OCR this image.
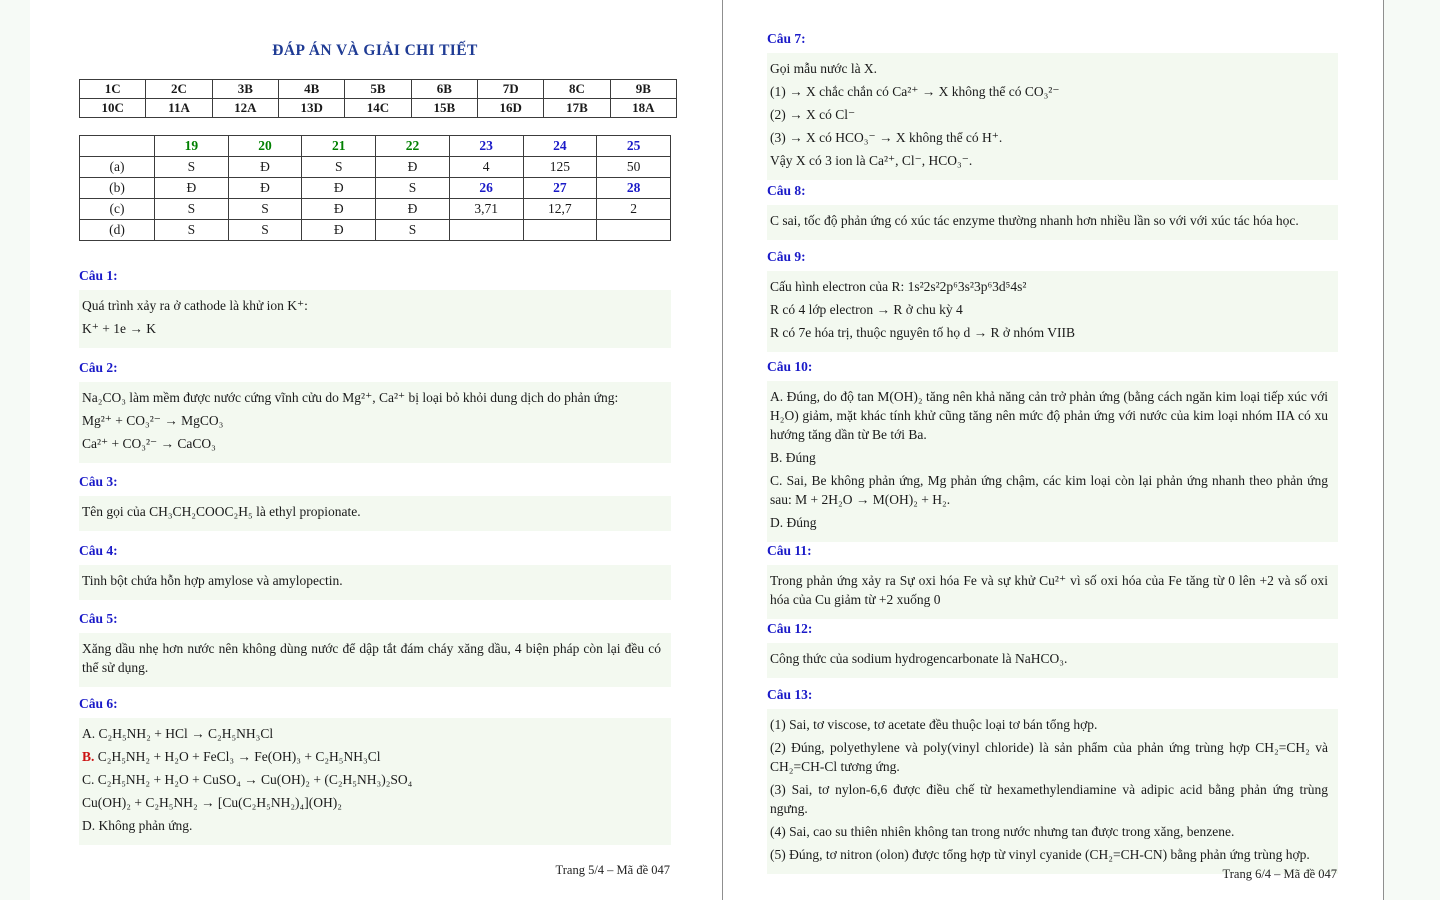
ĐÁP ÁN VÀ GIẢI CHI TIẾT
1C	2C	3B	4B	5B	6B	7D	8C	9B
10C	11A	12A	13D	14C	15B	16D	17B	18A
	19	20	21	22	23	24	25
(a)	S	Đ	S	Đ	4	125	50
(b)	Đ	Đ	Đ	S	26	27	28
(c)	S	S	Đ	Đ	3,71	12,7	2
(d)	S	S	Đ	S			
Câu 1:

Quá trình xảy ra ở cathode là khử ion K⁺:

K⁺ + 1e → K

Câu 2:

Na₂CO₃ làm mềm được nước cứng vĩnh cửu do Mg²⁺, Ca²⁺ bị loại bỏ khỏi dung dịch do phản ứng:

Mg²⁺ + CO₃²⁻ → MgCO₃

Ca²⁺ + CO₃²⁻ → CaCO₃

Câu 3:

Tên gọi của CH₃CH₂COOC₂H₅ là ethyl propionate.

Câu 4:

Tinh bột chứa hỗn hợp amylose và amylopectin.

Câu 5:

Xăng dầu nhẹ hơn nước nên không dùng nước để dập tắt đám cháy xăng dầu, 4 biện pháp còn lại đều có thể sử dụng.

Câu 6:

A. C₂H₅NH₂ + HCl → C₂H₅NH₃Cl

B. C₂H₅NH₂ + H₂O + FeCl₃ → Fe(OH)₃ + C₂H₅NH₃Cl

C. C₂H₅NH₂ + H₂O + CuSO₄ → Cu(OH)₂ + (C₂H₅NH₃)₂SO₄

Cu(OH)₂ + C₂H₅NH₂ → [Cu(C₂H₅NH₂)₄](OH)₂

D. Không phản ứng.

Trang 5/4 – Mã đề 047
Câu 7:

Gọi mẫu nước là X.

(1) → X chắc chắn có Ca²⁺ → X không thể có CO₃²⁻

(2) → X có Cl⁻

(3) → X có HCO₃⁻ → X không thể có H⁺.

Vậy X có 3 ion là Ca²⁺, Cl⁻, HCO₃⁻.

Câu 8:

C sai, tốc độ phản ứng có xúc tác enzyme thường nhanh hơn nhiều lần so với với xúc tác hóa học.

Câu 9:

Cấu hình electron của R: 1s²2s²2p⁶3s²3p⁶3d⁵4s²

R có 4 lớp electron → R ở chu kỳ 4

R có 7e hóa trị, thuộc nguyên tố họ d → R ở nhóm VIIB

Câu 10:

A. Đúng, do độ tan M(OH)₂ tăng nên khả năng cản trở phản ứng (bằng cách ngăn kim loại tiếp xúc với H₂O) giảm, mặt khác tính khử cũng tăng nên mức độ phản ứng với nước của kim loại nhóm IIA có xu hướng tăng dần từ Be tới Ba.

B. Đúng

C. Sai, Be không phản ứng, Mg phản ứng chậm, các kim loại còn lại phản ứng nhanh theo phản ứng sau: M + 2H₂O → M(OH)₂ + H₂.

D. Đúng

Câu 11:

Trong phản ứng xảy ra Sự oxi hóa Fe và sự khử Cu²⁺ vì số oxi hóa của Fe tăng từ 0 lên +2 và số oxi hóa của Cu giảm từ +2 xuống 0

Câu 12:

Công thức của sodium hydrogencarbonate là NaHCO₃.

Câu 13:

(1) Sai, tơ viscose, tơ acetate đều thuộc loại tơ bán tổng hợp.

(2) Đúng, polyethylene và poly(vinyl chloride) là sản phẩm của phản ứng trùng hợp CH₂=CH₂ và CH₂=CH-Cl tương ứng.

(3) Sai, tơ nylon-6,6 được điều chế từ hexamethylendiamine và adipic acid bằng phản ứng trùng ngưng.

(4) Sai, cao su thiên nhiên không tan trong nước nhưng tan được trong xăng, benzene.

(5) Đúng, tơ nitron (olon) được tổng hợp từ vinyl cyanide (CH₂=CH-CN) bằng phản ứng trùng hợp.

Trang 6/4 – Mã đề 047
